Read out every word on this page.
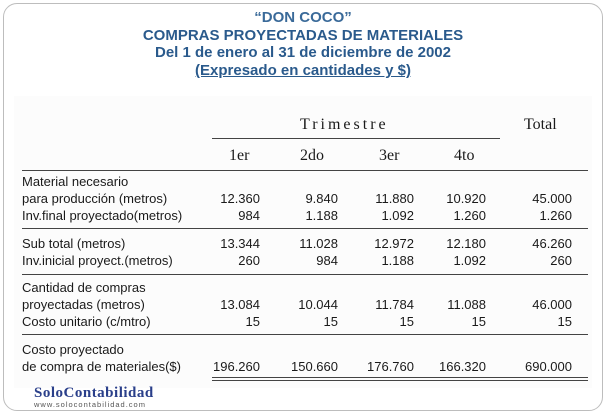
“DON COCO”
COMPRAS PROYECTADAS DE MATERIALES
Del 1 de enero al 31 de diciembre de 2002
(Expresado en cantidades y $)
Trimestre	Total
1er	2do	3er	4to
Material necesario
para producción (metros)	12.360	9.840	11.880	10.920	45.000
Inv.final proyectado(metros)	984	1.188	1.092	1.260	1.260
Sub total (metros)	13.344	11.028	12.972	12.180	46.260
Inv.inicial proyect.(metros)	260	984	1.188	1.092	260
Cantidad de compras
proyectadas (metros)	13.084	10.044	11.784	11.088	46.000
Costo unitario (c/mtro)	15	15	15	15	15
Costo proyectado
de compra de materiales($)	196.260	150.660	176.760	166.320	690.000
SoloContabilidad
www.solocontabilidad.com
